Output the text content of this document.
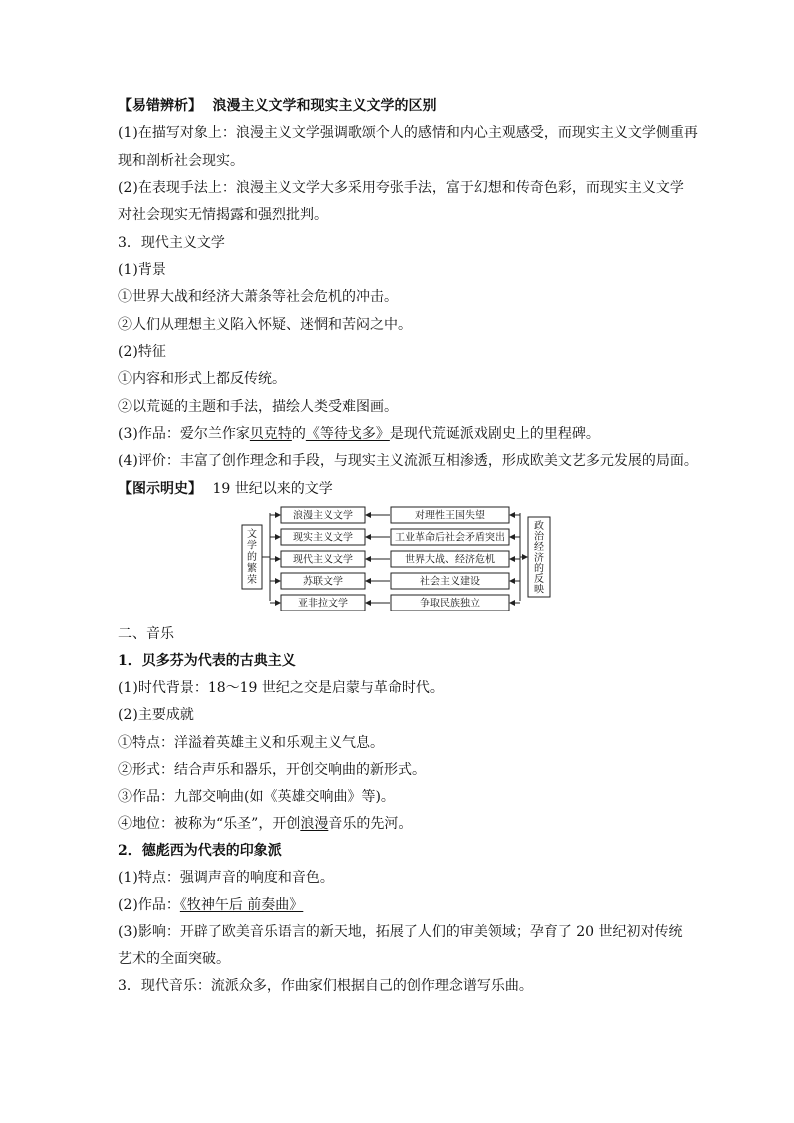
【易错辨析】 浪漫主义文学和现实主义文学的区别
(1)在描写对象上：浪漫主义文学强调歌颂个人的感情和内心主观感受，而现实主义文学侧重再
现和剖析社会现实。
(2)在表现手法上：浪漫主义文学大多采用夸张手法，富于幻想和传奇色彩，而现实主义文学
对社会现实无情揭露和强烈批判。
3．现代主义文学
(1)背景
①世界大战和经济大萧条等社会危机的冲击。
②人们从理想主义陷入怀疑、迷惘和苦闷之中。
(2)特征
①内容和形式上都反传统。
②以荒诞的主题和手法，描绘人类受难图画。
(3)作品：爱尔兰作家贝克特的《等待戈多》是现代荒诞派戏剧史上的里程碑。
(4)评价：丰富了创作理念和手段，与现实主义流派互相渗透，形成欧美文艺多元发展的局面。
【图示明史】 19 世纪以来的文学
文
学
的
繁
荣
政
治
经
济
的
反
映
浪漫主义文学	对理性王国失望
现实主义文学	工业革命后社会矛盾突出
现代主义文学	世界大战、经济危机
苏联文学	社会主义建设
亚非拉文学	争取民族独立
二、音乐
1．贝多芬为代表的古典主义
(1)时代背景：18～19 世纪之交是启蒙与革命时代。
(2)主要成就
①特点：洋溢着英雄主义和乐观主义气息。
②形式：结合声乐和器乐，开创交响曲的新形式。
③作品：九部交响曲(如《英雄交响曲》等)。
④地位：被称为“乐圣”，开创浪漫音乐的先河。
2．德彪西为代表的印象派
(1)特点：强调声音的响度和音色。
(2)作品：《牧神午后 前奏曲》
(3)影响：开辟了欧美音乐语言的新天地，拓展了人们的审美领域；孕育了 20 世纪初对传统
艺术的全面突破。
3．现代音乐：流派众多，作曲家们根据自己的创作理念谱写乐曲。
